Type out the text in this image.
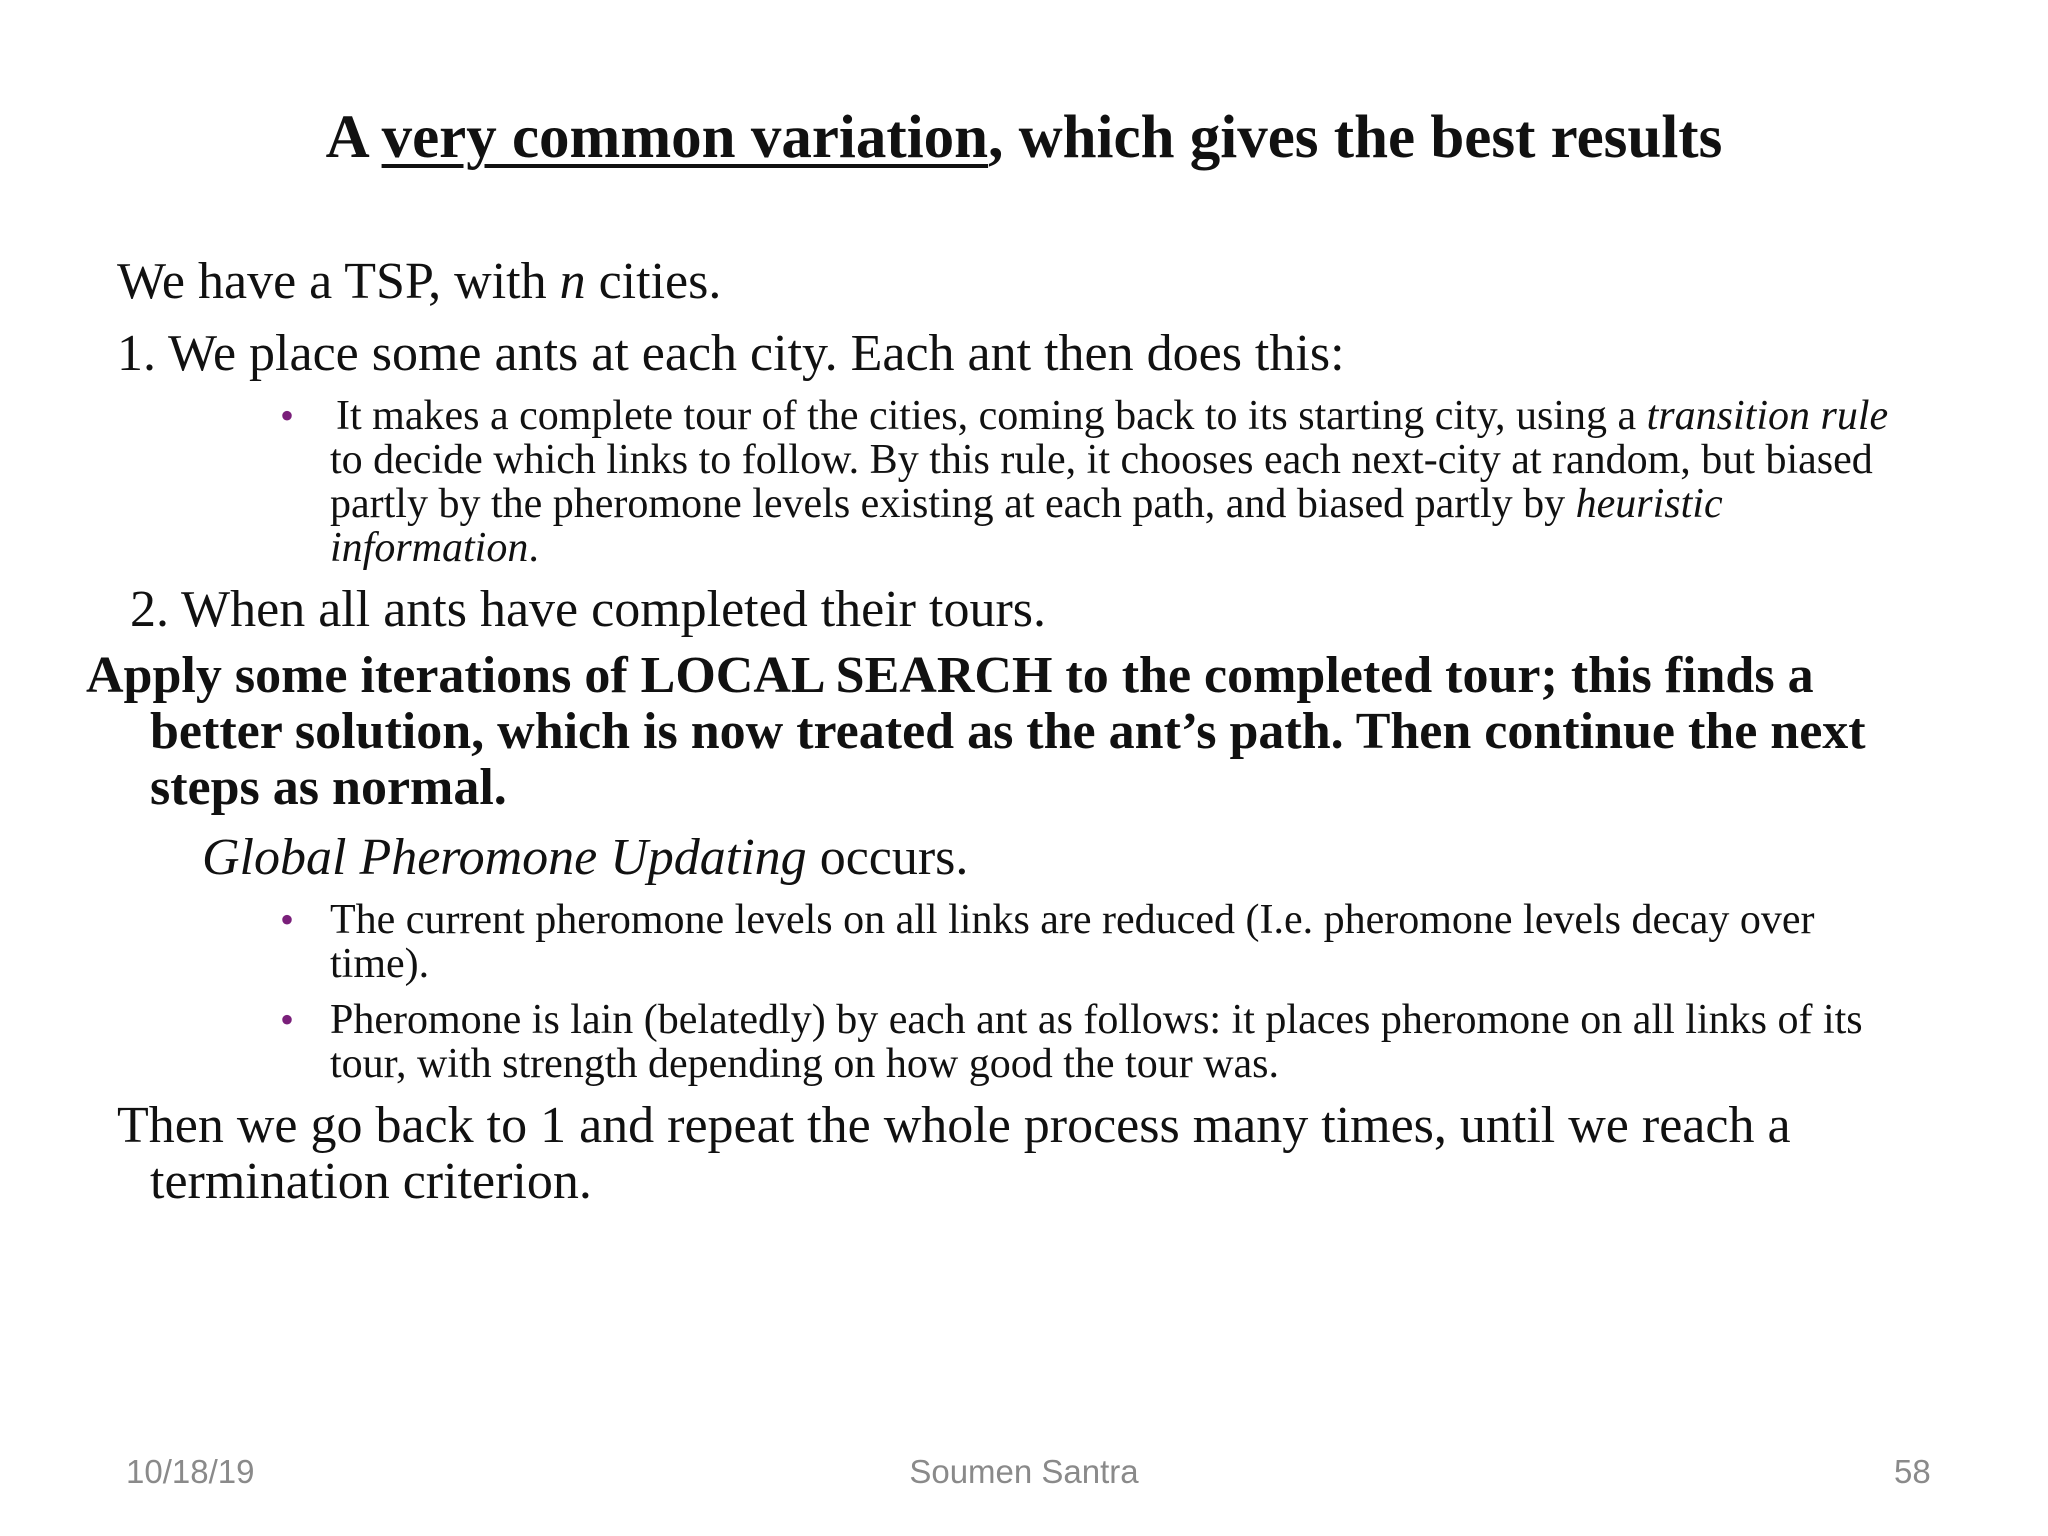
A very common variation, which gives the best results

We have a TSP, with n cities.

1. We place some ants at each city. Each ant then does this:

• It makes a complete tour of the cities, coming back to its starting city, using a transition rule
to decide which links to follow. By this rule, it chooses each next-city at random, but biased
partly by the pheromone levels existing at each path, and biased partly by heuristic
information.

2. When all ants have completed their tours.

Apply some iterations of LOCAL SEARCH to the completed tour; this finds a
better solution, which is now treated as the ant’s path. Then continue the next
steps as normal.

Global Pheromone Updating occurs.

• The current pheromone levels on all links are reduced (I.e. pheromone levels decay over
time).

• Pheromone is lain (belatedly) by each ant as follows: it places pheromone on all links of its
tour, with strength depending on how good the tour was.

Then we go back to 1 and repeat the whole process many times, until we reach a
termination criterion.

10/18/19	Soumen Santra	58
